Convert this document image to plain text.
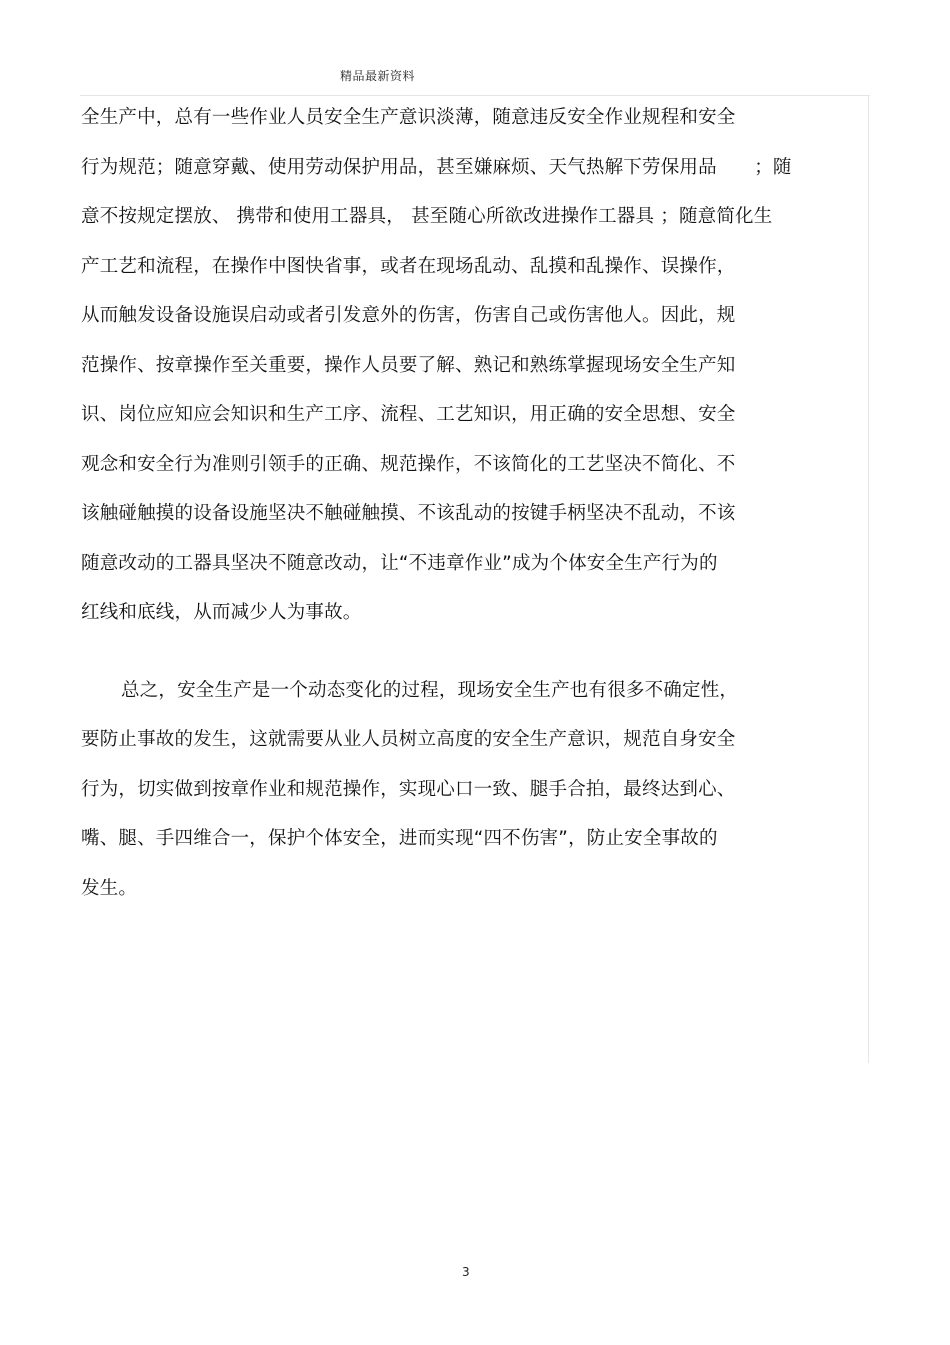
精品最新资料
全生产中，总有一些作业人员安全生产意识淡薄，随意违反安全作业规程和安全
行为规范；随意穿戴、使用劳动保护用品，甚至嫌麻烦、天气热解下劳保用品　　；随
意不按规定摆放、 携带和使用工器具， 甚至随心所欲改进操作工器具 ；随意简化生
产工艺和流程，在操作中图快省事，或者在现场乱动、乱摸和乱操作、误操作，
从而触发设备设施误启动或者引发意外的伤害，伤害自己或伤害他人。因此，规
范操作、按章操作至关重要，操作人员要了解、熟记和熟练掌握现场安全生产知
识、岗位应知应会知识和生产工序、流程、工艺知识，用正确的安全思想、安全
观念和安全行为准则引领手的正确、规范操作，不该简化的工艺坚决不简化、不
该触碰触摸的设备设施坚决不触碰触摸、不该乱动的按键手柄坚决不乱动，不该
随意改动的工器具坚决不随意改动，让“不违章作业”成为个体安全生产行为的
红线和底线，从而减少人为事故。
总之，安全生产是一个动态变化的过程，现场安全生产也有很多不确定性，
要防止事故的发生，这就需要从业人员树立高度的安全生产意识，规范自身安全
行为，切实做到按章作业和规范操作，实现心口一致、腿手合拍，最终达到心、
嘴、腿、手四维合一，保护个体安全，进而实现“四不伤害”，防止安全事故的
发生。
3
